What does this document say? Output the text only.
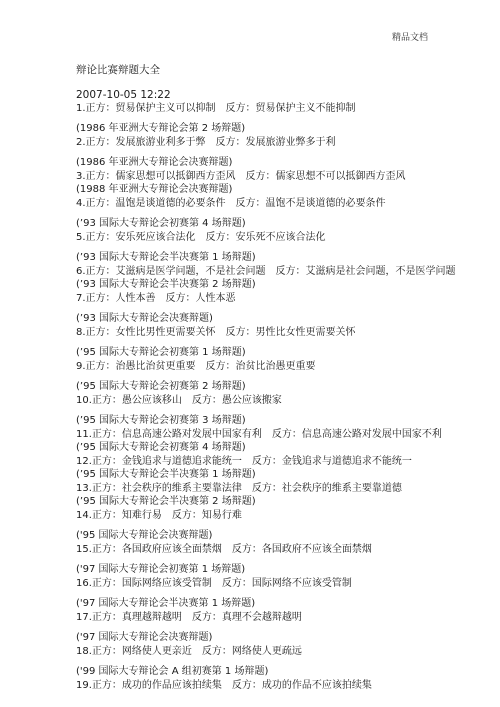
精品文档
辩论比赛辩题大全
2007-10-05 12:22
1.正方：贸易保护主义可以抑制　反方：贸易保护主义不能抑制
(1986 年亚洲大专辩论会第 2 场辩题)
2.正方：发展旅游业利多于弊　反方：发展旅游业弊多于利
(1986 年亚洲大专辩论会决赛辩题)
3.正方：儒家思想可以抵御西方歪风　反方：儒家思想不可以抵御西方歪风
(1988 年亚洲大专辩论会决赛辩题)
4.正方：温饱是谈道德的必要条件　反方：温饱不是谈道德的必要条件
(’93 国际大专辩论会初赛第 4 场辩题)
5.正方：安乐死应该合法化　反方：安乐死不应该合法化
(’93 国际大专辩论会半决赛第 1 场辩题)
6.正方：艾滋病是医学问题，不是社会问题　反方：艾滋病是社会问题，不是医学问题
(’93 国际大专辩论会半决赛第 2 场辩题)
7.正方：人性本善　反方：人性本恶
(’93 国际大专辩论会决赛辩题)
8.正方：女性比男性更需要关怀　反方：男性比女性更需要关怀
(’95 国际大专辩论会初赛第 1 场辩题)
9.正方：治愚比治贫更重要　反方：治贫比治愚更重要
(’95 国际大专辩论会初赛第 2 场辩题)
10.正方：愚公应该移山　反方：愚公应该搬家
(’95 国际大专辩论会初赛第 3 场辩题)
11.正方：信息高速公路对发展中国家有利　反方：信息高速公路对发展中国家不利
(’95 国际大专辩论会初赛第 4 场辩题)
12.正方：金钱追求与道德追求能统一　反方：金钱追求与道德追求不能统一
(’95 国际大专辩论会半决赛第 1 场辩题)
13.正方：社会秩序的维系主要靠法律　反方：社会秩序的维系主要靠道德
(’95 国际大专辩论会半决赛第 2 场辩题)
14.正方：知难行易　反方：知易行难
('95 国际大专辩论会决赛辩题)
15.正方：各国政府应该全面禁烟　反方：各国政府不应该全面禁烟
('97 国际大专辩论会初赛第 1 场辩题)
16.正方：国际网络应该受管制　反方：国际网络不应该受管制
('97 国际大专辩论会半决赛第 1 场辩题)
17.正方：真理越辩越明　反方：真理不会越辩越明
('97 国际大专辩论会决赛辩题)
18.正方：网络使人更亲近　反方：网络使人更疏远
('99 国际大专辩论会 A 组初赛第 1 场辩题)
19.正方：成功的作品应该拍续集　反方：成功的作品不应该拍续集
